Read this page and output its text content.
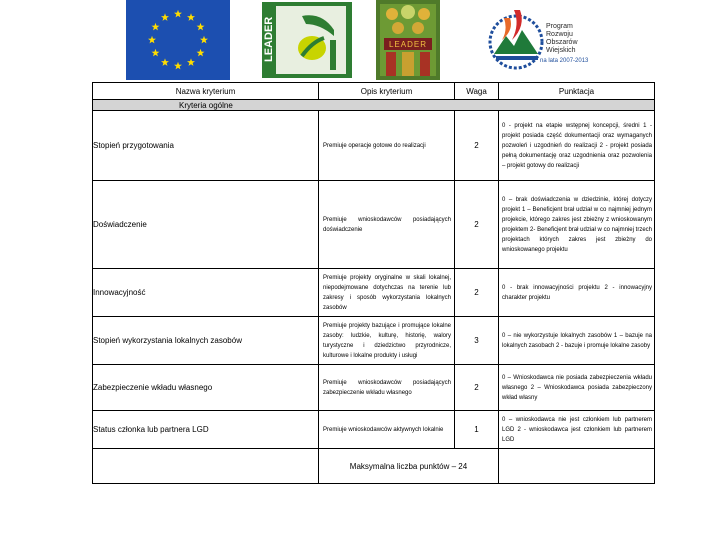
LEADER	LEADER
Program
Rozwoju
Obszarów
Wiejskich
na lata 2007-2013
Nazwa kryterium	Opis kryterium	Waga	Punktacja
Kryteria ogólne			
Stopień przygotowania	Premiuje operacje gotowe do realizacji	2	0 - projekt na etapie wstępnej koncepcji, średni 1 - projekt posiada część dokumentacji oraz wymaganych pozwoleń i uzgodnień do realizacji 2 - projekt posiada pełną dokumentację oraz uzgodnienia oraz pozwolenia – projekt gotowy do realizacji
Doświadczenie	Premiuje wnioskodawców posiadających doświadczenie	2	0 – brak doświadczenia w dziedzinie, której dotyczy projekt 1 – Beneficjent brał udział w co najmniej jednym projekcie, którego zakres jest zbieżny z wnioskowanym projektem 2- Beneficjent brał udział w co najmniej trzech projektach których zakres jest zbieżny do wnioskowanego projektu
Innowacyjność	Premiuje projekty oryginalne w skali lokalnej, niepodejmowane dotychczas na terenie lub zakresy i sposób wykorzystania lokalnych zasobów	2	0 - brak innowacyjności projektu 2 - innowacyjny charakter projektu
Stopień wykorzystania lokalnych zasobów	Premiuje projekty bazujące i promujące lokalne zasoby: ludzkie, kulturę, historię, walory turystyczne i dziedzictwo przyrodnicze, kulturowe i lokalne produkty i usługi	3	0 – nie wykorzystuje lokalnych zasobów 1 – bazuje na lokalnych zasobach 2 - bazuje i promuje lokalne zasoby
Zabezpieczenie wkładu własnego	Premiuje wnioskodawców posiadających zabezpieczenie wkładu własnego	2	0 – Wnioskodawca nie posiada zabezpieczenia wkładu własnego 2 – Wnioskodawca posiada zabezpieczony wkład własny
Status członka lub partnera LGD	Premiuje wnioskodawców aktywnych lokalnie	1	0 – wnioskodawca nie jest członkiem lub partnerem LGD 2 - wnioskodawca jest członkiem lub partnerem LGD
	Maksymalna liczba punktów – 24		
